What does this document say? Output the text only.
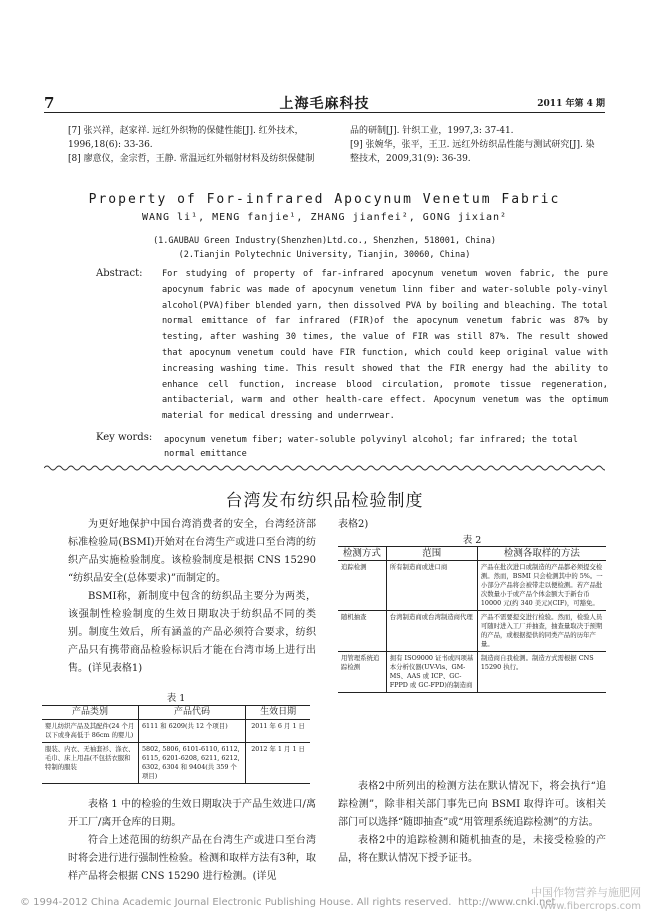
7	上海毛麻科技	2011 年第 4 期
[7] 张兴祥，赵家祥. 远红外织物的保健性能[J]. 红外技术，
1996,18(6): 33-36.
[8] 廖意仪，金宗哲，王静. 常温远红外辐射材料及纺织保健制
品的研制[J]. 针织工业，1997,3: 37-41.
[9] 张婉华，张平，王卫. 远红外纺织品性能与测试研究[J]. 染
整技术，2009,31(9): 36-39.
Property of For-infrared Apocynum Venetum Fabric
WANG li¹, MENG fanjie¹, ZHANG jianfei², GONG jixian²
(1.GAUBAU Green Industry(Shenzhen)Ltd.co., Shenzhen, 518001, China)
(2.Tianjin Polytechnic University, Tianjin, 30060, China)
Abstract: For studying of property of far-infrared apocynum venetum woven fabric, the pure apocynum fabric was made of apocynum venetum linn fiber and water-soluble poly-vinyl alcohol(PVA)fiber blended yarn, then dissolved PVA by boiling and bleaching. The total normal emittance of far infrared (FIR)of the apocynum venetum fabric was 87% by testing, after washing 30 times, the value of FIR was still 87%. The result showed that apocynum venetum could have FIR function, which could keep original value with increasing washing time. This result showed that the FIR energy had the ability to enhance cell function, increase blood circulation, promote tissue regeneration, antibacterial, warm and other health-care effect. Apocynum venetum was the optimum material for medical dressing and underrwear.
Key words: apocynum venetum fiber; water-soluble polyvinyl alcohol; far infrared; the total normal emittance
台湾发布纺织品检验制度
为更好地保护中国台湾消费者的安全，台湾经济部标准检验局(BSMI)开始对在台湾生产或进口至台湾的纺织产品实施检验制度。该检验制度是根据 CNS 15290 “纺织品安全(总体要求)”而制定的。
BSMI称，新制度中包含的纺织品主要分为两类，该强制性检验制度的生效日期取决于纺织品不同的类别。制度生效后，所有涵盖的产品必须符合要求，纺织产品只有携带商品检验标识后才能在台湾市场上进行出售。(详见表格1)
表 1
产品类别	产品代码	生效日期
婴儿纺织产品及其配件(24 个月以下或身高低于 86cm 的婴儿)	6111 和 6209(共 12 个项目)	2011 年 6 月 1 日
服装、内衣、无袖套衫、涤衣、毛巾、床上用品(不包括衣服和特制的服装	5802, 5806, 6101-6110, 6112, 6115, 6201-6208, 6211, 6212, 6302, 6304 和 9404(共 359 个项目)	2012 年 1 月 1 日
表格 1 中的检验的生效日期取决于产品生效进口/离开工厂/离开仓库的日期。
符合上述范围的纺织产品在台湾生产或进口至台湾时将会进行进行强制性检验。检测和取样方法有3种，取样产品将会根据 CNS 15290 进行检测。(详见
表格2)
表 2
检测方式	范围	检测各取样的方法
追踪检测	所有制造商或进口商	产品在批次进口或制造的产品都必须提交检测。然而，BSMI 只会检测其中的 5%。一小部分产品将会被带走以便检测。若产品批次数量小于或产品个体金额大于新台币 10000 元(约 340 美元)(CIF)，可豁免。
随机抽查	台湾制造商或台湾制造商代理	产品不需要提交进行检验。然而，检验人员可随时进入工厂并抽查，抽查量取决于预期的产品，或根据提供的同类产品的历年产量。
用管理系统追踪检测	拥有 ISO9000 证书或四项基本分析仪器(UV-Vis、GM-MS、AAS 或 ICP、GC-FPPD 或 GC-FPD)的制造商	制造商自我检测。制造方式需根据 CNS 15290 执行。
表格2中所列出的检测方法在默认情况下，将会执行“追踪检测”，除非相关部门事先已向 BSMI 取得许可。该相关部门可以选择“随即抽查”或“用管理系统追踪检测”的方法。
表格2中的追踪检测和随机抽查的是，未接受检验的产品，将在默认情况下授予证书。
© 1994-2012 China Academic Journal Electronic Publishing House. All rights reserved. http://www.cnki.net
中国作物营养与施肥网
www.fibercrops.com
